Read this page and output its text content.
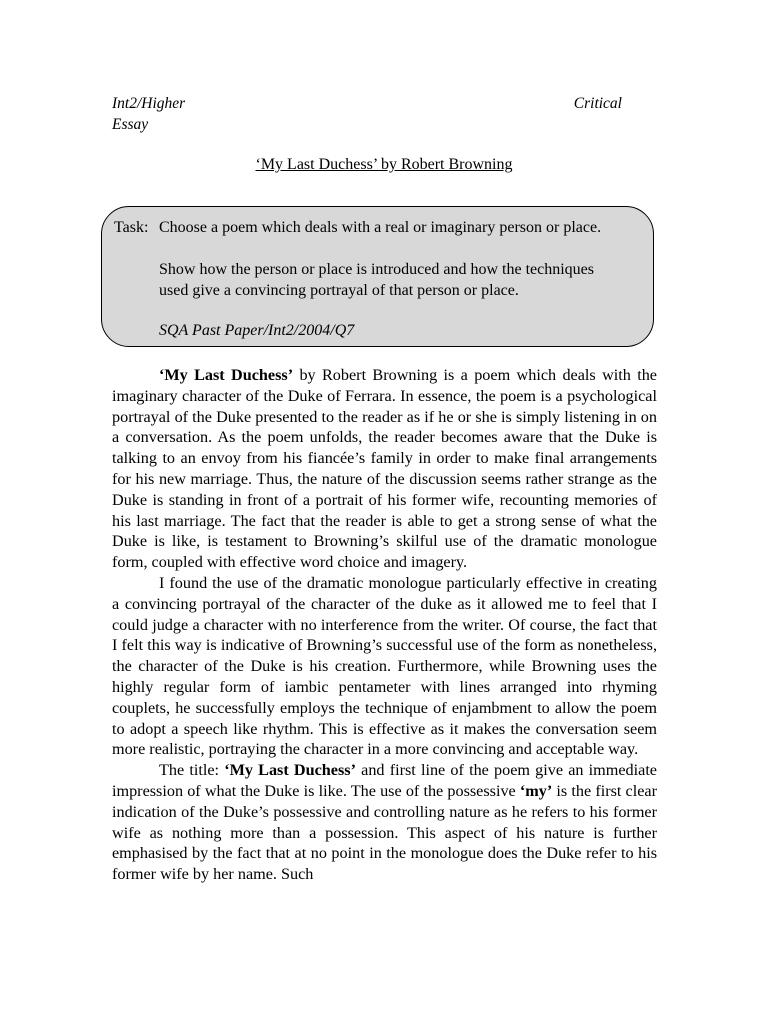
Int2/Higher	Critical
Essay
‘My Last Duchess’ by Robert Browning
Task: Choose a poem which deals with a real or imaginary person or place.
Show how the person or place is introduced and how the techniques
used give a convincing portrayal of that person or place.
SQA Past Paper/Int2/2004/Q7

‘My Last Duchess’ by Robert Browning is a poem which deals with the imaginary character of the Duke of Ferrara. In essence, the poem is a psychological portrayal of the Duke presented to the reader as if he or she is simply listening in on a conversation. As the poem unfolds, the reader becomes aware that the Duke is talking to an envoy from his fiancée’s family in order to make final arrangements for his new marriage. Thus, the nature of the discussion seems rather strange as the Duke is standing in front of a portrait of his former wife, recounting memories of his last marriage. The fact that the reader is able to get a strong sense of what the Duke is like, is testament to Browning’s skilful use of the dramatic monologue form, coupled with effective word choice and imagery.

I found the use of the dramatic monologue particularly effective in creating a convincing portrayal of the character of the duke as it allowed me to feel that I could judge a character with no interference from the writer. Of course, the fact that I felt this way is indicative of Browning’s successful use of the form as nonetheless, the character of the Duke is his creation. Furthermore, while Browning uses the highly regular form of iambic pentameter with lines arranged into rhyming couplets, he successfully employs the technique of enjambment to allow the poem to adopt a speech like rhythm. This is effective as it makes the conversation seem more realistic, portraying the character in a more convincing and acceptable way.

The title: ‘My Last Duchess’ and first line of the poem give an immediate impression of what the Duke is like. The use of the possessive ‘my’ is the first clear indication of the Duke’s possessive and controlling nature as he refers to his former wife as nothing more than a possession. This aspect of his nature is further emphasised by the fact that at no point in the monologue does the Duke refer to his former wife by her name. Such
